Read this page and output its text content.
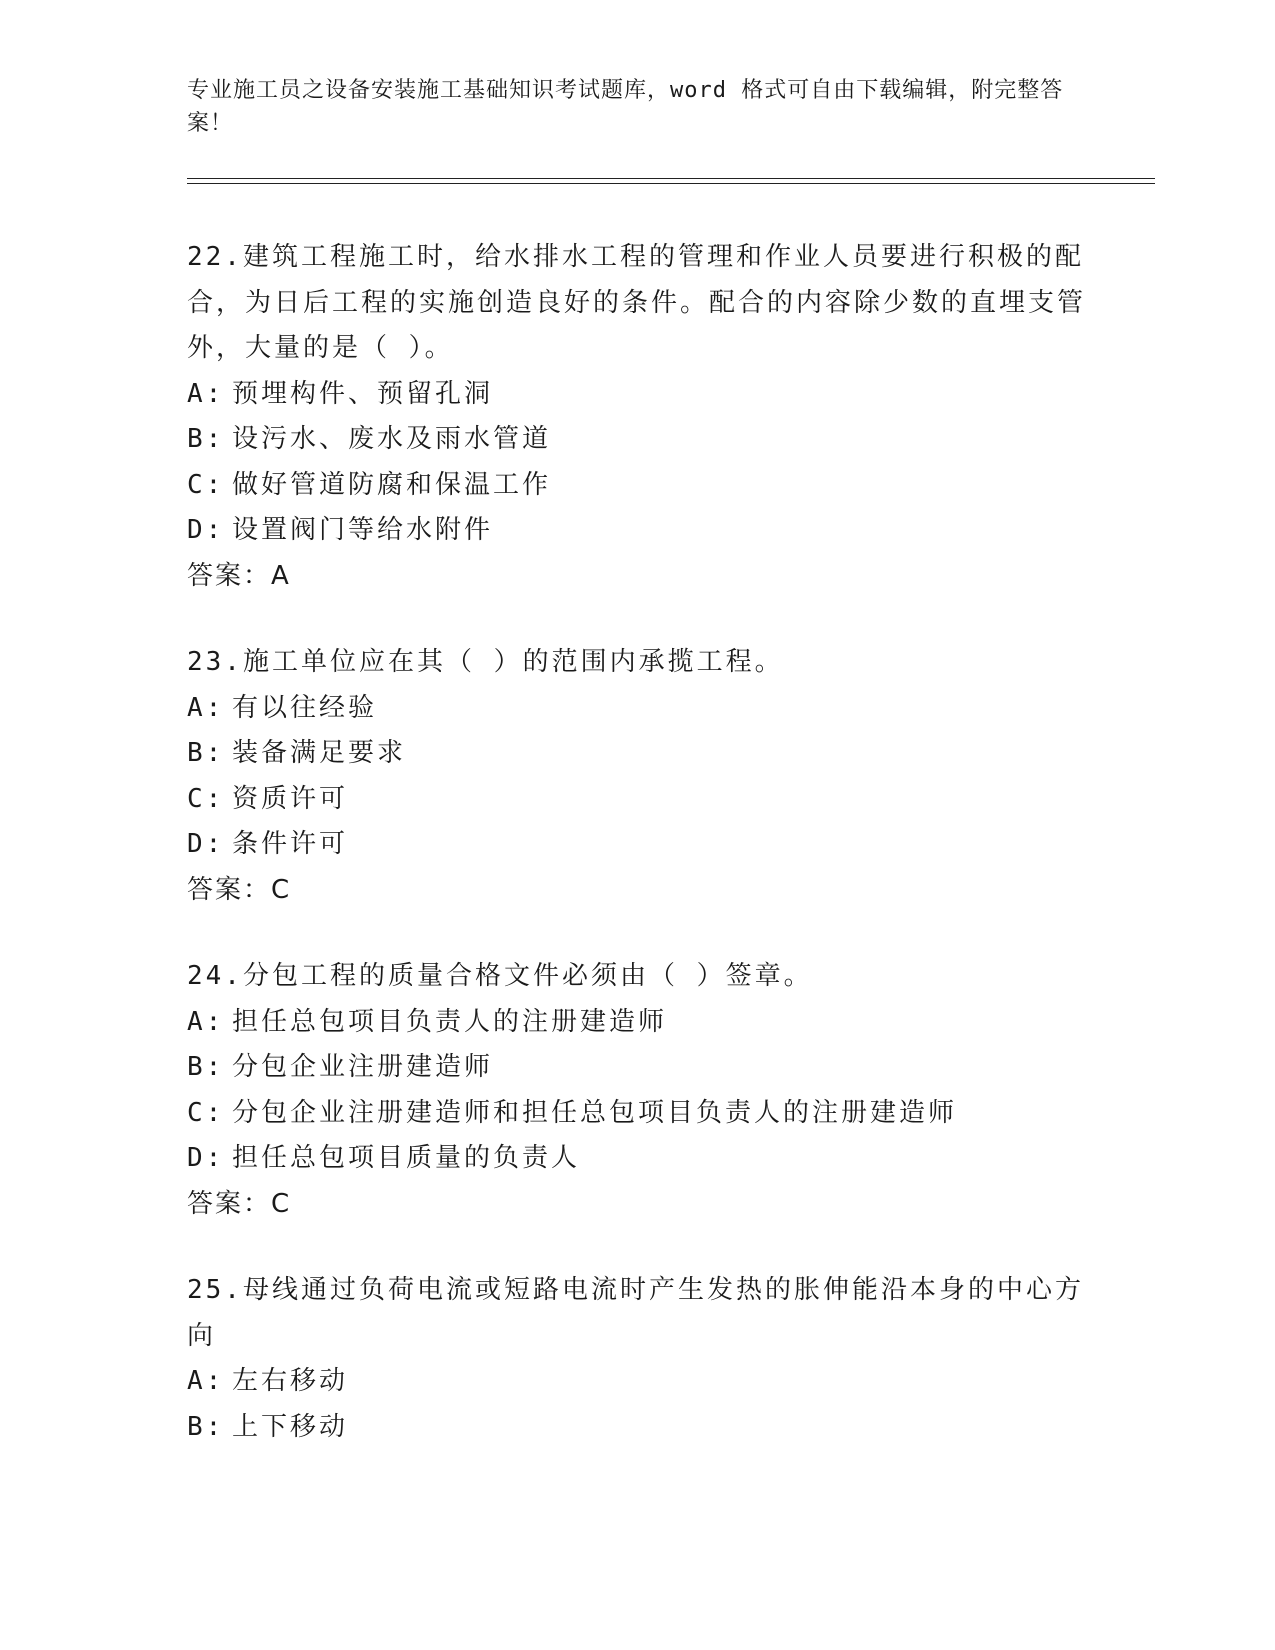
专业施工员之设备安装施工基础知识考试题库，word 格式可自由下载编辑，附完整答案！

22.建筑工程施工时，给水排水工程的管理和作业人员要进行积极的配合，为日后工程的实施创造良好的条件。配合的内容除少数的直埋支管外，大量的是（ ）。

A: 预埋构件、预留孔洞

B: 设污水、废水及雨水管道

C: 做好管道防腐和保温工作

D: 设置阀门等给水附件

答案：A

23.施工单位应在其（ ）的范围内承揽工程。

A: 有以往经验

B: 装备满足要求

C: 资质许可

D: 条件许可

答案：C

24.分包工程的质量合格文件必须由（ ）签章。

A: 担任总包项目负责人的注册建造师

B: 分包企业注册建造师

C: 分包企业注册建造师和担任总包项目负责人的注册建造师

D: 担任总包项目质量的负责人

答案：C

25.母线通过负荷电流或短路电流时产生发热的胀伸能沿本身的中心方向

A: 左右移动

B: 上下移动
